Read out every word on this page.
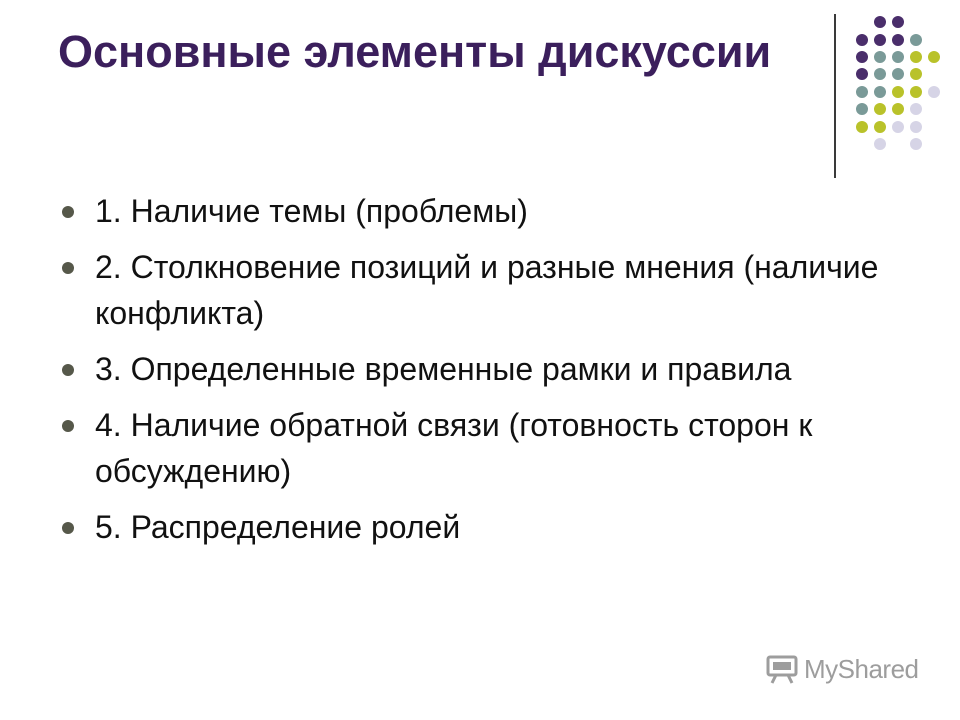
Основные элементы дискуссии
1. Наличие темы (проблемы)
2. Столкновение позиций и разные мнения (наличие конфликта)
3. Определенные временные рамки и правила
4. Наличие обратной связи (готовность сторон к обсуждению)
5. Распределение ролей
MyShared
